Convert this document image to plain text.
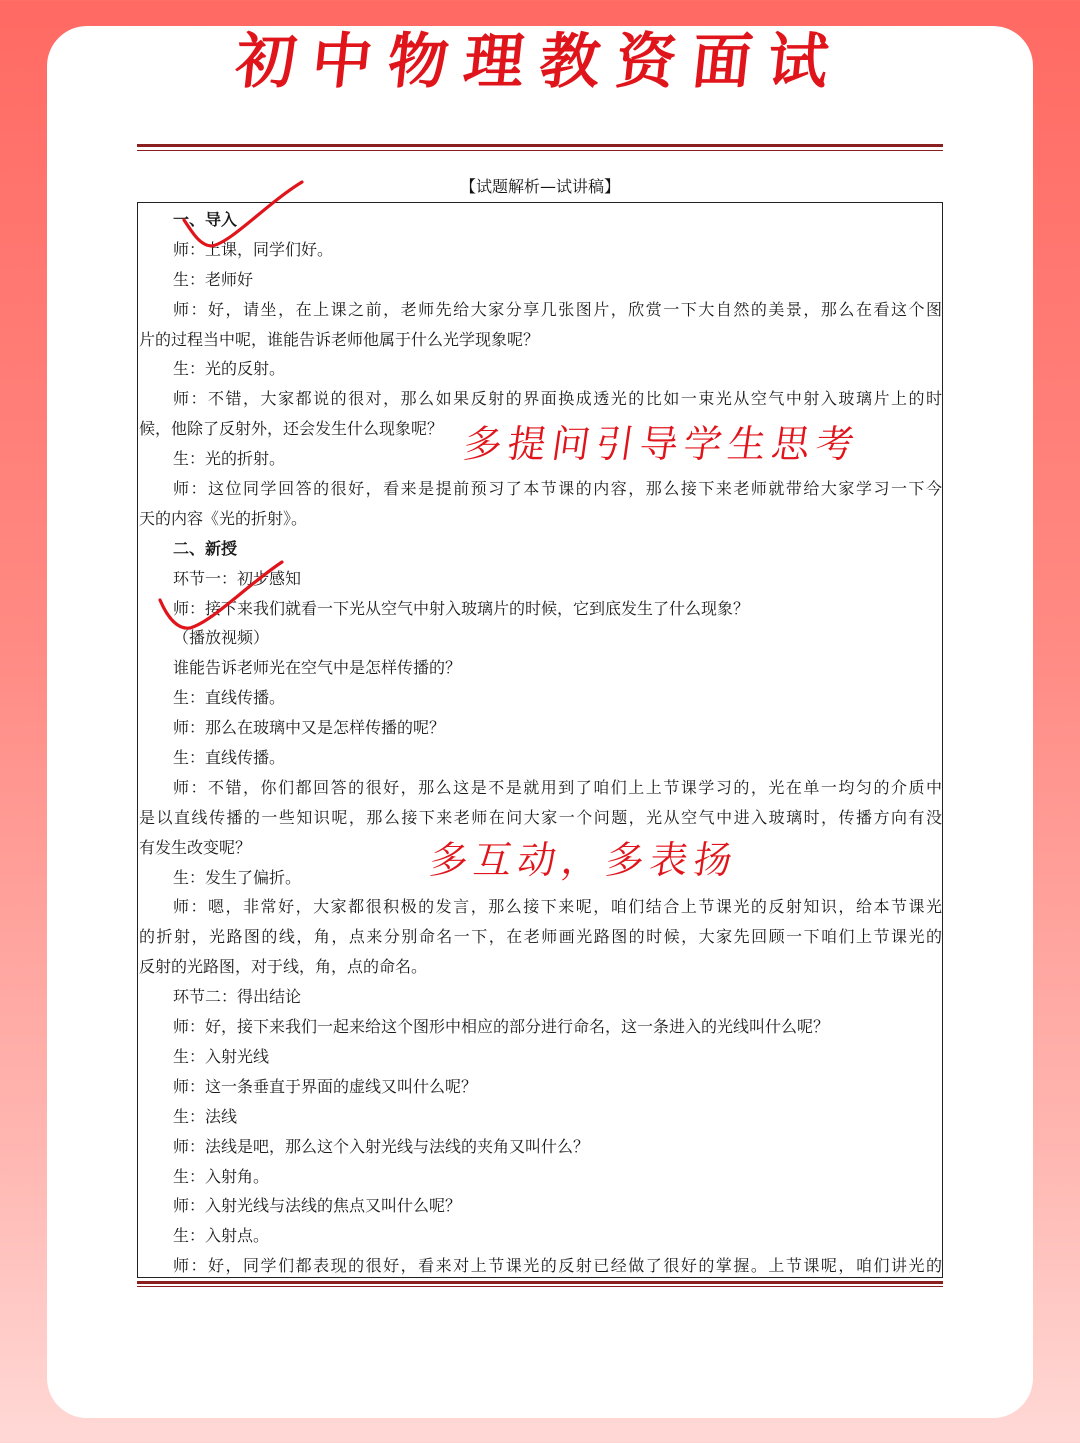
初中物理教资面试
【试题解析—试讲稿】
一、导入
师：上课，同学们好。
生：老师好
师：好，请坐，在上课之前，老师先给大家分享几张图片，欣赏一下大自然的美景，那么在看这个图
片的过程当中呢，谁能告诉老师他属于什么光学现象呢？
生：光的反射。
师：不错，大家都说的很对，那么如果反射的界面换成透光的比如一束光从空气中射入玻璃片上的时
候，他除了反射外，还会发生什么现象呢？
生：光的折射。
师：这位同学回答的很好，看来是提前预习了本节课的内容，那么接下来老师就带给大家学习一下今
天的内容《光的折射》。
二、新授
环节一：初步感知
师：接下来我们就看一下光从空气中射入玻璃片的时候，它到底发生了什么现象？
（播放视频）
谁能告诉老师光在空气中是怎样传播的？
生：直线传播。
师：那么在玻璃中又是怎样传播的呢？
生：直线传播。
师：不错，你们都回答的很好，那么这是不是就用到了咱们上上节课学习的，光在单一均匀的介质中
是以直线传播的一些知识呢，那么接下来老师在问大家一个问题，光从空气中进入玻璃时，传播方向有没
有发生改变呢？
生：发生了偏折。
师：嗯，非常好，大家都很积极的发言，那么接下来呢，咱们结合上节课光的反射知识，给本节课光
的折射，光路图的线，角，点来分别命名一下，在老师画光路图的时候，大家先回顾一下咱们上节课光的
反射的光路图，对于线，角，点的命名。
环节二：得出结论
师：好，接下来我们一起来给这个图形中相应的部分进行命名，这一条进入的光线叫什么呢？
生：入射光线
师：这一条垂直于界面的虚线又叫什么呢？
生：法线
师：法线是吧，那么这个入射光线与法线的夹角又叫什么？
生：入射角。
师：入射光线与法线的焦点又叫什么呢？
生：入射点。
师：好，同学们都表现的很好，看来对上节课光的反射已经做了很好的掌握。上节课呢，咱们讲光的
多提问引导学生思考
多互动，多表扬
